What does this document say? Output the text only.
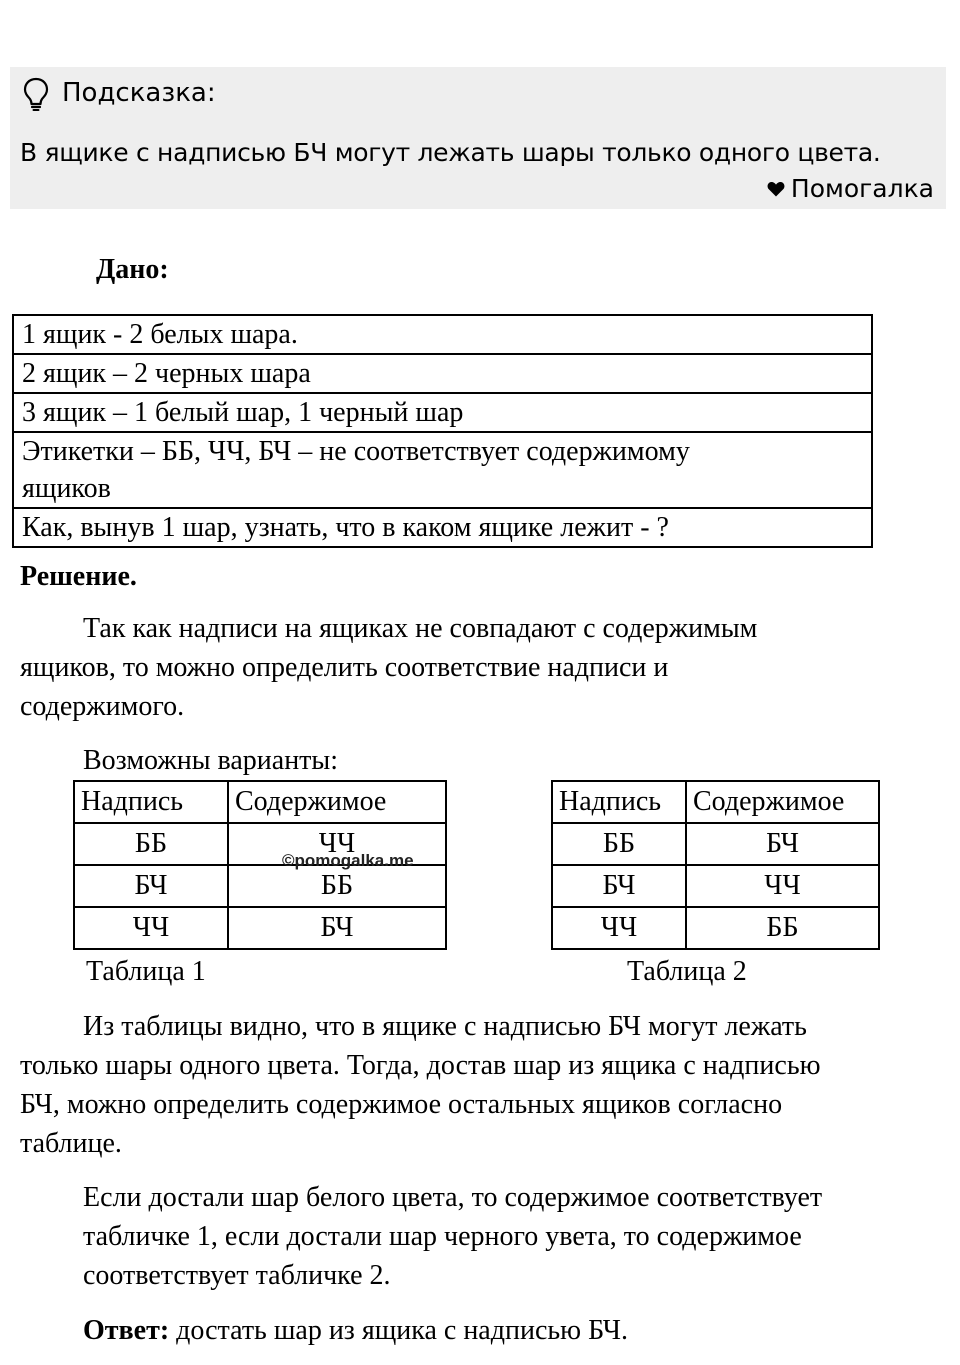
Подсказка:
В ящике с надписью БЧ могут лежать шары только одного цвета.
Помогалка
Дано:
1 ящик - 2 белых шара.
2 ящик – 2 черных шара
3 ящик – 1 белый шар, 1 черный шар

Этикетки – ББ, ЧЧ, БЧ – не соответствует содержимому
ящиков

Как, вынув 1 шар, узнать, что в каком ящике лежит - ?
Решение.
Так как надписи на ящиках не совпадают с содержимым
ящиков, то можно определить соответствие надписи и
содержимого.
Возможны варианты:
Надпись	Содержимое
ББ	ЧЧ
БЧ	ББ
ЧЧ	БЧ
Надпись	Содержимое
ББ	БЧ
БЧ	ЧЧ
ЧЧ	ББ
©pomogalka.me
Таблица 1	Таблица 2
Из таблицы видно, что в ящике с надписью БЧ могут лежать
только шары одного цвета. Тогда, достав шар из ящика с надписью
БЧ, можно определить содержимое остальных ящиков согласно
таблице.
Если достали шар белого цвета, то содержимое соответствует
табличке 1, если достали шар черного увета, то содержимое
соответствует табличке 2.
Ответ: достать шар из ящика с надписью БЧ.
